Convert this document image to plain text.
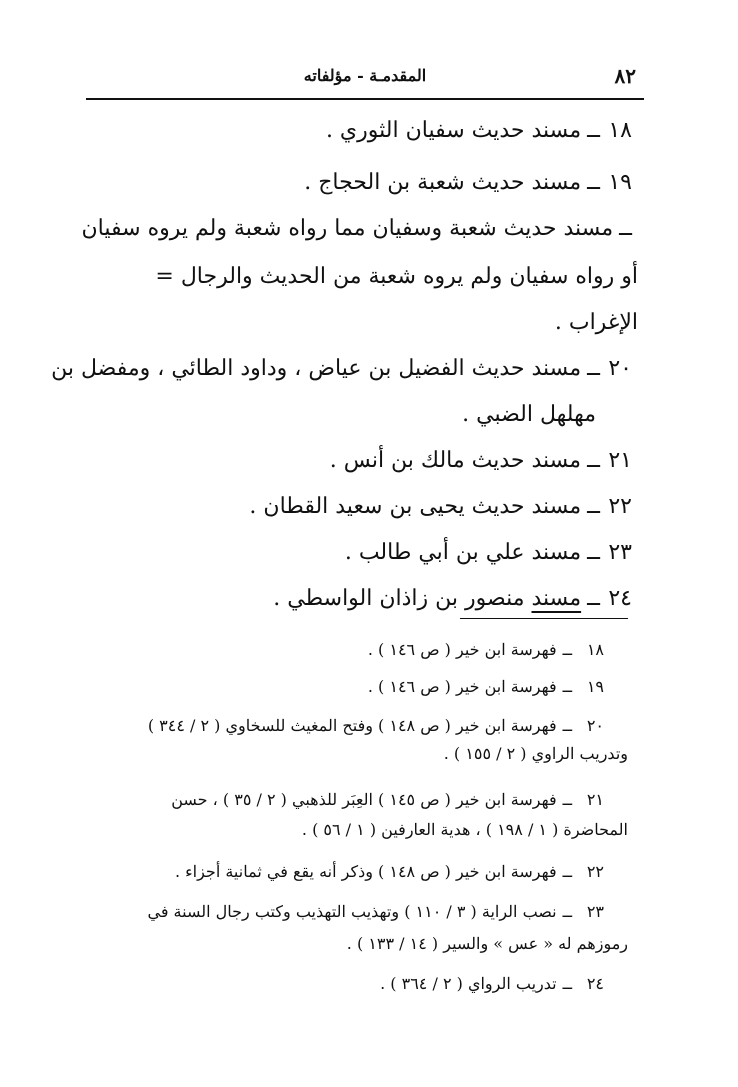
٨٢
المقدمـة - مؤلفاته
١٨ــمسند حديث سفيان الثوري .
١٩ــمسند حديث شعبة بن الحجاج .
ــمسند حديث شعبة وسفيان مما رواه شعبة ولم يروه سفيان
أو رواه سفيان ولم يروه شعبة من الحديث والرجال =
الإغراب .
٢٠ــمسند حديث الفضيل بن عياض ، وداود الطائي ، ومفضل بن
مهلهل الضبي .
٢١ــمسند حديث مالك بن أنس .
٢٢ــمسند حديث يحيى بن سعيد القطان .
٢٣ــمسند علي بن أبي طالب .
٢٤ــمسند منصور بن زاذان الواسطي .
١٨ــفهرسة ابن خير ( ص ١٤٦ ) .
١٩ــفهرسة ابن خير ( ص ١٤٦ ) .
٢٠ــفهرسة ابن خير ( ص ١٤٨ ) وفتح المغيث للسخاوي ( ٢ / ٣٤٤ )
وتدريب الراوي ( ٢ / ١٥٥ ) .
٢١ــفهرسة ابن خير ( ص ١٤٥ ) العِبَر للذهبي ( ٢ / ٣٥ ) ، حسن
المحاضرة ( ١ / ١٩٨ ) ، هدية العارفين ( ١ / ٥٦ ) .
٢٢ــفهرسة ابن خير ( ص ١٤٨ ) وذكر أنه يقع في ثمانية أجزاء .
٢٣ــنصب الراية ( ٣ / ١١٠ ) وتهذيب التهذيب وكتب رجال السنة في
رموزهم له « عس » والسير ( ١٤ / ١٣٣ ) .
٢٤ــتدريب الرواي ( ٢ / ٣٦٤ ) .
